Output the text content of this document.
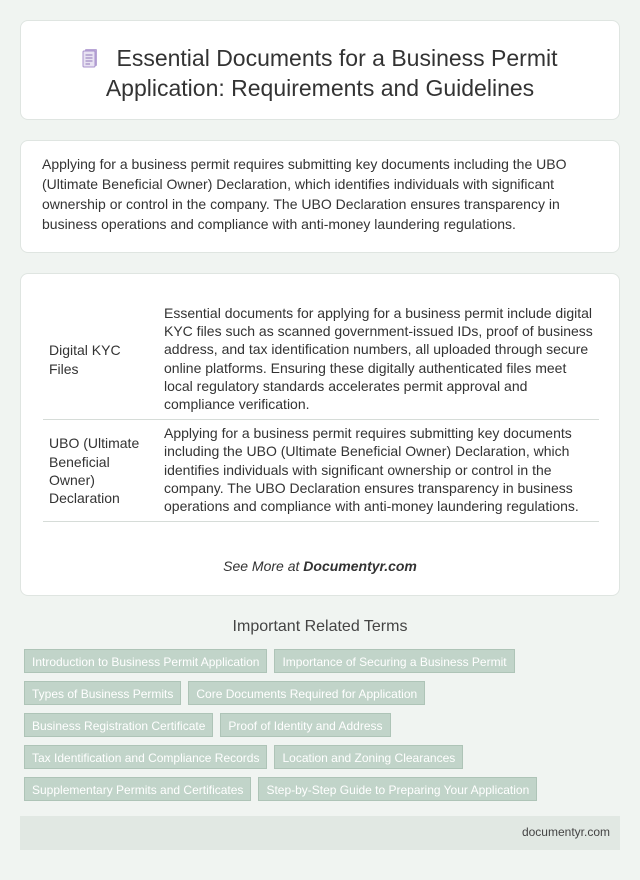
Essential Documents for a Business Permit
Application: Requirements and Guidelines

Applying for a business permit requires submitting key documents including the UBO (Ultimate Beneficial Owner) Declaration, which identifies individuals with significant ownership or control in the company. The UBO Declaration ensures transparency in business operations and compliance with anti-money laundering regulations.

Digital KYC Files	Essential documents for applying for a business permit include digital KYC files such as scanned government-issued IDs, proof of business address, and tax identification numbers, all uploaded through secure online platforms. Ensuring these digitally authenticated files meet local regulatory standards accelerates permit approval and compliance verification.
UBO (Ultimate Beneficial Owner) Declaration	Applying for a business permit requires submitting key documents including the UBO (Ultimate Beneficial Owner) Declaration, which identifies individuals with significant ownership or control in the company. The UBO Declaration ensures transparency in business operations and compliance with anti-money laundering regulations.
See More at Documentyr.com
Important Related Terms
Introduction to Business Permit Application Importance of Securing a Business Permit
Types of Business Permits Core Documents Required for Application
Business Registration Certificate Proof of Identity and Address
Tax Identification and Compliance Records Location and Zoning Clearances
Supplementary Permits and Certificates Step-by-Step Guide to Preparing Your Application
documentyr.com
